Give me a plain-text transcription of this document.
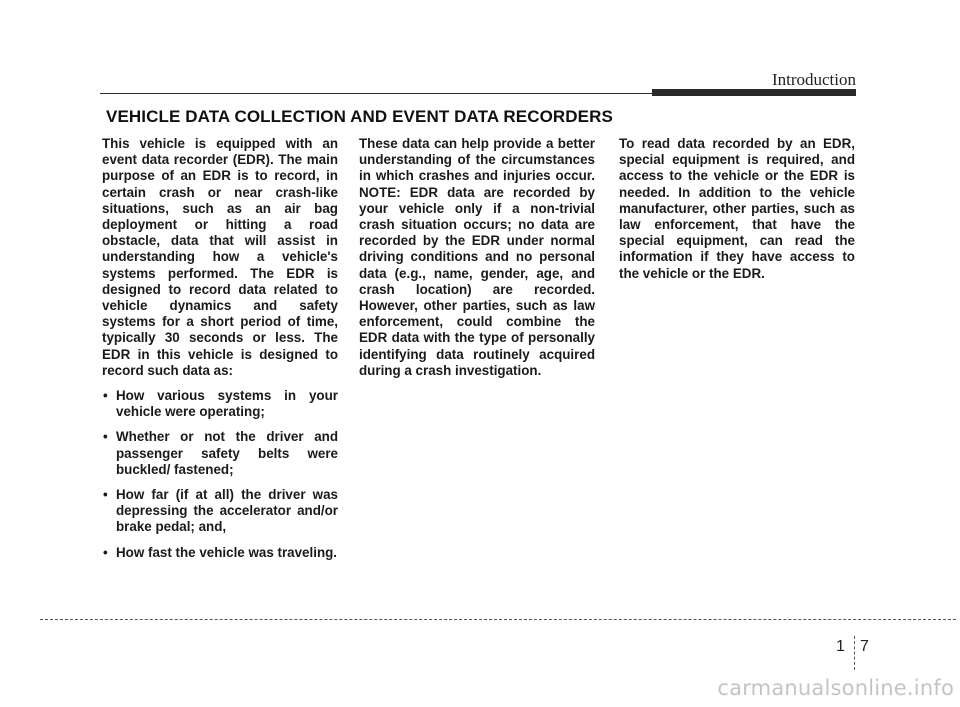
Introduction
VEHICLE DATA COLLECTION AND EVENT DATA RECORDERS

This vehicle is equipped with an event data recorder (EDR). The main purpose of an EDR is to record, in certain crash or near crash-like situations, such as an air bag deployment or hitting a road obstacle, data that will assist in understanding how a vehicle's systems performed. The EDR is designed to record data related to vehicle dynamics and safety systems for a short period of time, typically 30 seconds or less. The EDR in this vehicle is designed to record such data as:

• How various systems in your vehicle were operating;
• Whether or not the driver and passenger safety belts were buckled/ fastened;
• How far (if at all) the driver was depressing the accelerator and/or brake pedal; and,
• How fast the vehicle was traveling.

These data can help provide a better understanding of the circumstances in which crashes and injuries occur. NOTE: EDR data are recorded by your vehicle only if a non-trivial crash situation occurs; no data are recorded by the EDR under normal driving conditions and no personal data (e.g., name, gender, age, and crash location) are recorded. However, other parties, such as law enforcement, could combine the EDR data with the type of personally identifying data routinely acquired during a crash investigation.

To read data recorded by an EDR, special equipment is required, and access to the vehicle or the EDR is needed. In addition to the vehicle manufacturer, other parties, such as law enforcement, that have the special equipment, can read the information if they have access to the vehicle or the EDR.

1 7
carmanualsonline.info
